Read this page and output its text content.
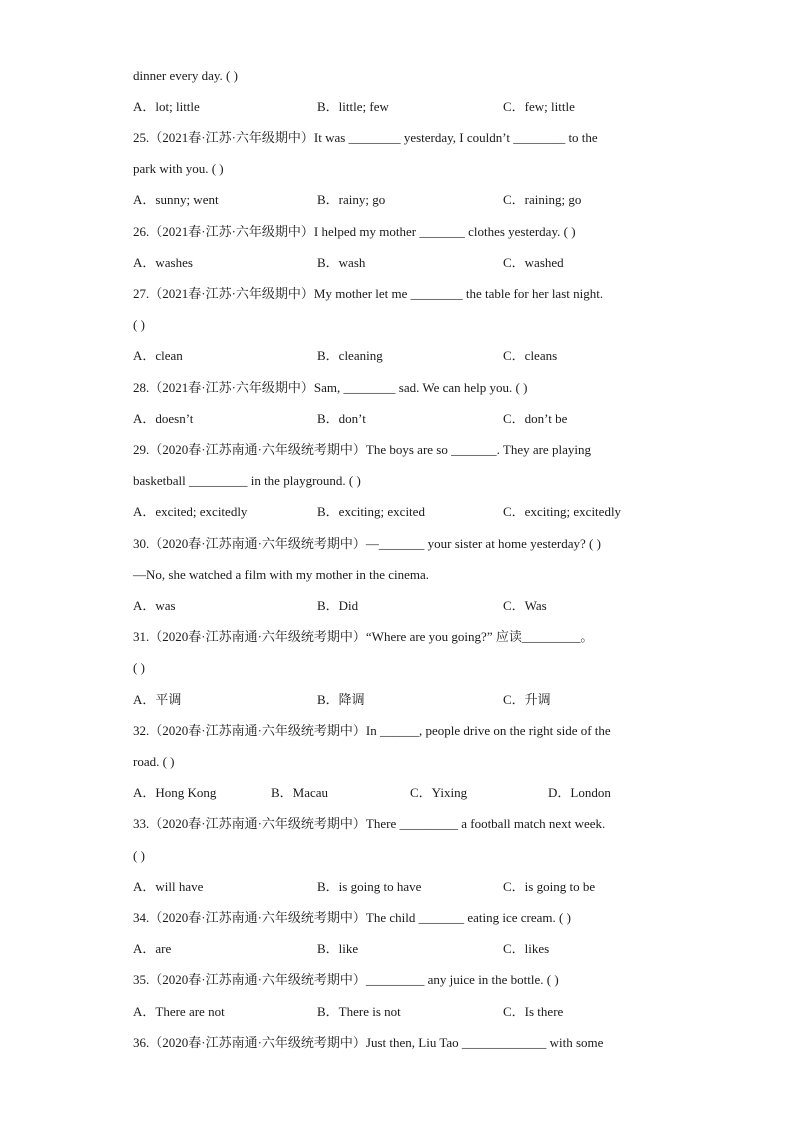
dinner every day. ( )
A．lot; little	B．little; few	C．few; little
25.（2021春·江苏·六年级期中）It was ________ yesterday, I couldn’t ________ to the
park with you. ( )
A．sunny; went	B．rainy; go	C．raining; go
26.（2021春·江苏·六年级期中）I helped my mother _______ clothes yesterday. ( )
A．washes	B．wash	C．washed
27.（2021春·江苏·六年级期中）My mother let me ________ the table for her last night.
( )
A．clean	B．cleaning	C．cleans
28.（2021春·江苏·六年级期中）Sam, ________ sad. We can help you. ( )
A．doesn’t	B．don’t	C．don’t be
29.（2020春·江苏南通·六年级统考期中）The boys are so _______. They are playing
basketball _________ in the playground. ( )
A．excited; excitedly	B．exciting; excited	C．exciting; excitedly
30.（2020春·江苏南通·六年级统考期中）—_______ your sister at home yesterday? ( )
—No, she watched a film with my mother in the cinema.
A．was	B．Did	C．Was
31.（2020春·江苏南通·六年级统考期中）“Where are you going?” 应读_________。
( )
A．平调	B．降调	C．升调
32.（2020春·江苏南通·六年级统考期中）In ______, people drive on the right side of the
road. ( )
A．Hong Kong	B．Macau	C．Yixing	D．London
33.（2020春·江苏南通·六年级统考期中）There _________ a football match next week.
( )
A．will have	B．is going to have	C．is going to be
34.（2020春·江苏南通·六年级统考期中）The child _______ eating ice cream. ( )
A．are	B．like	C．likes
35.（2020春·江苏南通·六年级统考期中）_________ any juice in the bottle. ( )
A．There are not	B．There is not	C．Is there
36.（2020春·江苏南通·六年级统考期中）Just then, Liu Tao _____________ with some
